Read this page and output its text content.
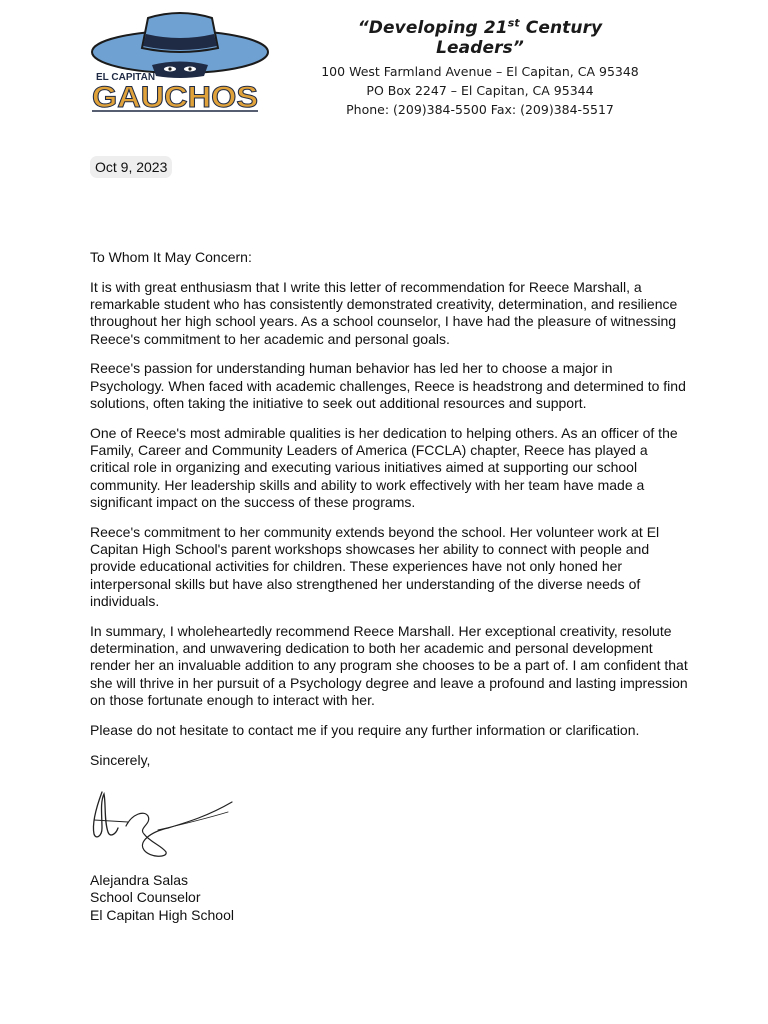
EL CAPITAN
GAUCHOS

“Developing 21st Century Leaders”

100 West Farmland Avenue – El Capitan, CA 95348

PO Box 2247 – El Capitan, CA 95344

Phone: (209)384-5500 Fax: (209)384-5517

Oct 9, 2023

To Whom It May Concern:

It is with great enthusiasm that I write this letter of recommendation for Reece Marshall, a remarkable student who has consistently demonstrated creativity, determination, and resilience throughout her high school years. As a school counselor, I have had the pleasure of witnessing Reece's commitment to her academic and personal goals.

Reece's passion for understanding human behavior has led her to choose a major in Psychology. When faced with academic challenges, Reece is headstrong and determined to find solutions, often taking the initiative to seek out additional resources and support.

One of Reece's most admirable qualities is her dedication to helping others. As an officer of the Family, Career and Community Leaders of America (FCCLA) chapter, Reece has played a critical role in organizing and executing various initiatives aimed at supporting our school community. Her leadership skills and ability to work effectively with her team have made a significant impact on the success of these programs.

Reece's commitment to her community extends beyond the school. Her volunteer work at El Capitan High School's parent workshops showcases her ability to connect with people and provide educational activities for children. These experiences have not only honed her interpersonal skills but have also strengthened her understanding of the diverse needs of individuals.

In summary, I wholeheartedly recommend Reece Marshall. Her exceptional creativity, resolute determination, and unwavering dedication to both her academic and personal development render her an invaluable addition to any program she chooses to be a part of. I am confident that she will thrive in her pursuit of a Psychology degree and leave a profound and lasting impression on those fortunate enough to interact with her.

Please do not hesitate to contact me if you require any further information or clarification.

Sincerely,

Alejandra Salas
School Counselor
El Capitan High School
